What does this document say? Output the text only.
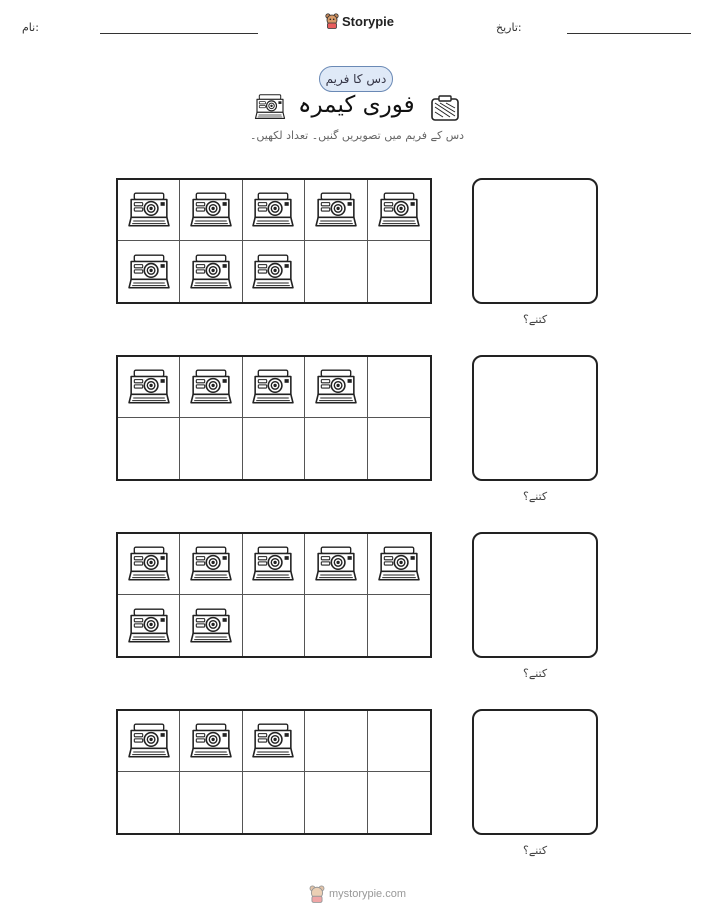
نام:	Storypie	تاریخ:
دس کا فریم
فوری کیمرہ
دس کے فریم میں تصویریں گنیں۔ تعداد لکھیں۔
کتنے؟
کتنے؟
کتنے؟
کتنے؟
mystorypie.com
